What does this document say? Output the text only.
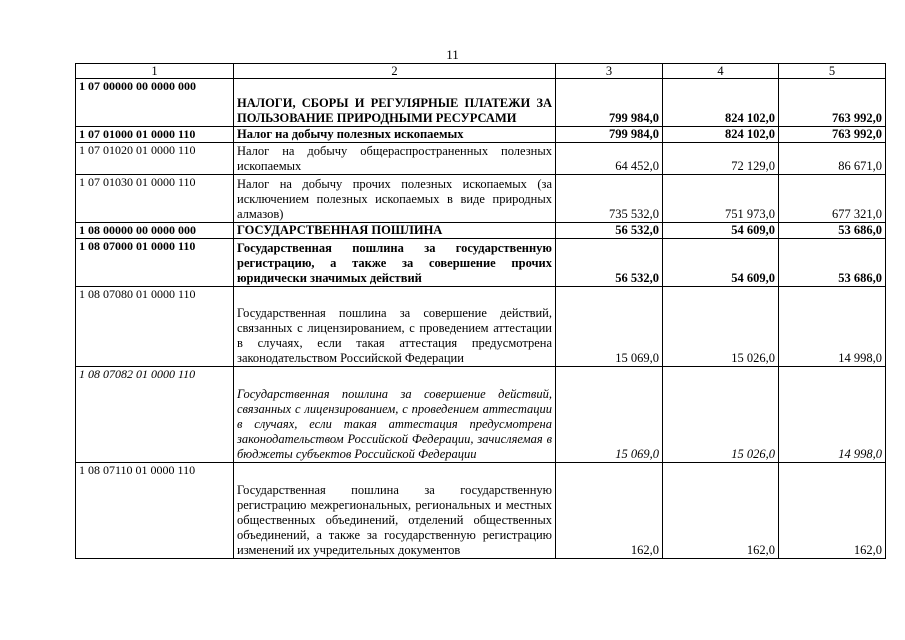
11
1	2	3	4	5
1 07 00000 00 0000 000	НАЛОГИ, СБОРЫ И РЕГУЛЯРНЫЕ ПЛАТЕЖИ ЗА ПОЛЬЗОВАНИЕ ПРИРОДНЫМИ РЕСУРСАМИ	799 984,0	824 102,0	763 992,0
1 07 01000 01 0000 110	Налог на добычу полезных ископаемых	799 984,0	824 102,0	763 992,0
1 07 01020 01 0000 110	Налог на добычу общераспространенных полезных ископаемых	64 452,0	72 129,0	86 671,0
1 07 01030 01 0000 110	Налог на добычу прочих полезных ископаемых (за исключением полезных ископаемых в виде природных алмазов)	735 532,0	751 973,0	677 321,0
1 08 00000 00 0000 000	ГОСУДАРСТВЕННАЯ ПОШЛИНА	56 532,0	54 609,0	53 686,0
1 08 07000 01 0000 110	Государственная пошлина за государственную регистрацию, а также за совершение прочих юридически значимых действий	56 532,0	54 609,0	53 686,0
1 08 07080 01 0000 110	Государственная пошлина за совершение действий, связанных с лицензированием, с проведением аттестации в случаях, если такая аттестация предусмотрена законодательством Российской Федерации	15 069,0	15 026,0	14 998,0
1 08 07082 01 0000 110	Государственная пошлина за совершение действий, связанных с лицензированием, с проведением аттестации в случаях, если такая аттестация предусмотрена законодательством Российской Федерации, зачисляемая в бюджеты субъектов Российской Федерации	15 069,0	15 026,0	14 998,0
1 08 07110 01 0000 110	Государственная пошлина за государственную регистрацию межрегиональных, региональных и местных общественных объединений, отделений общественных объединений, а также за государственную регистрацию изменений их учредительных документов	162,0	162,0	162,0
